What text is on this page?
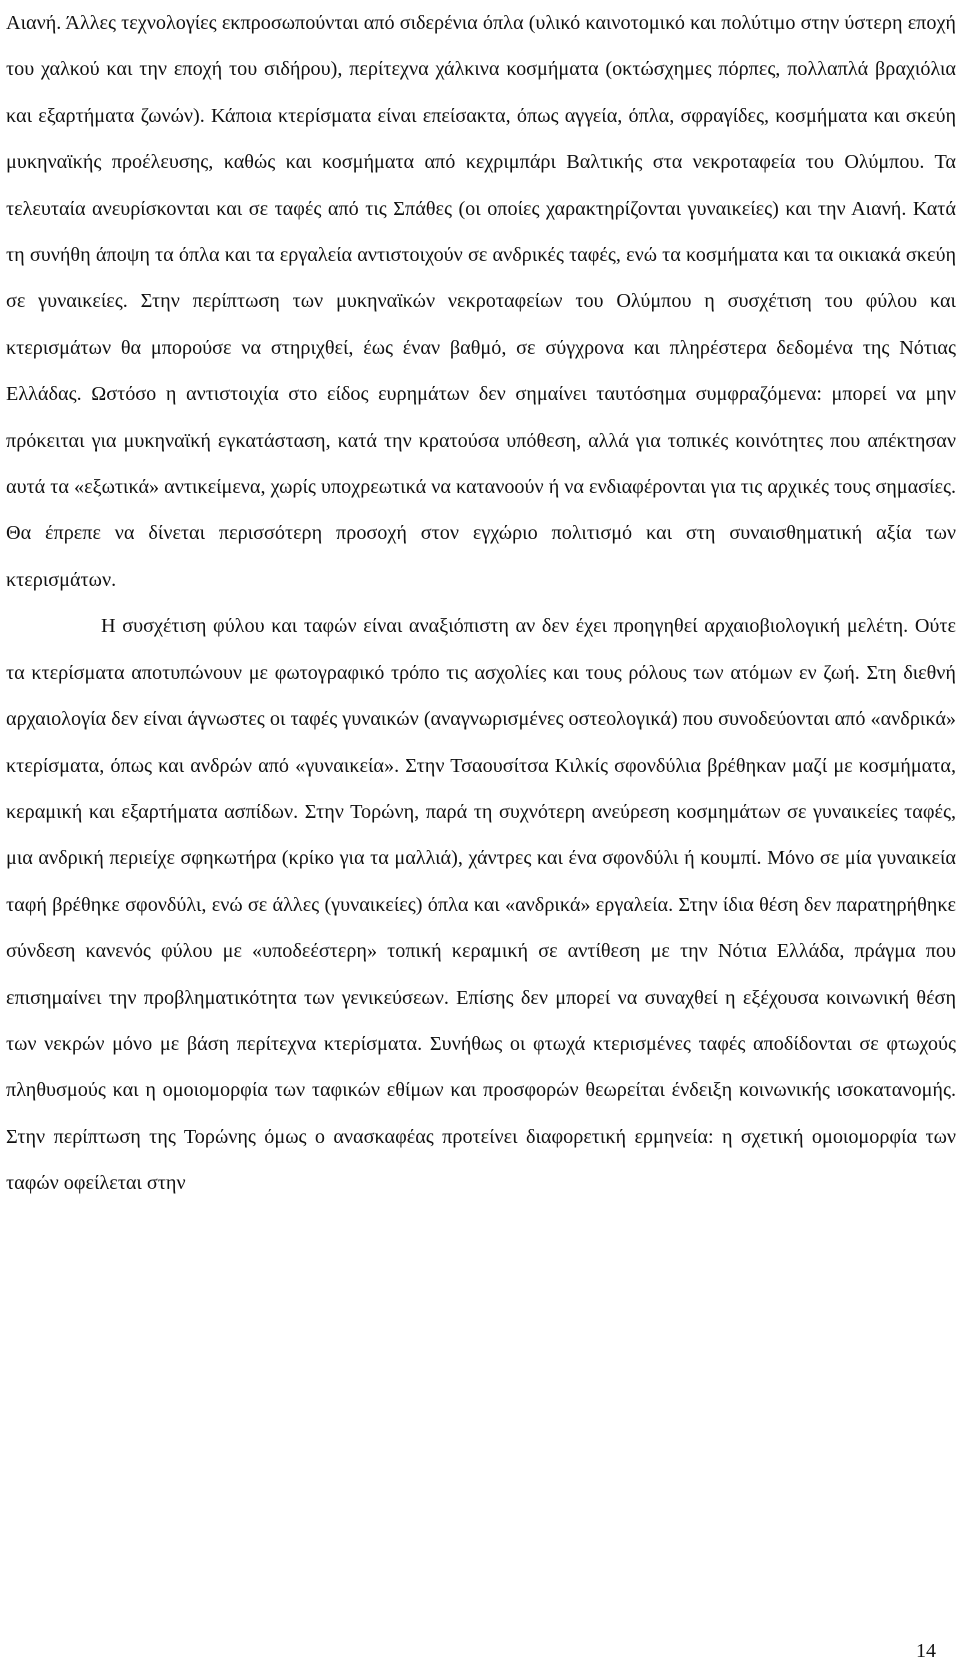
Αιανή. Άλλες τεχνολογίες εκπροσωπούνται από σιδερένια όπλα (υλικό καινοτομικό και πολύτιμο στην ύστερη εποχή του χαλκού και την εποχή του σιδήρου), περίτεχνα χάλκινα κοσμήματα (οκτώσχημες πόρπες, πολλαπλά βραχιόλια και εξαρτήματα ζωνών). Κάποια κτερίσματα είναι επείσακτα, όπως αγγεία, όπλα, σφραγίδες, κοσμήματα και σκεύη μυκηναϊκής προέλευσης, καθώς και κοσμήματα από κεχριμπάρι Βαλτικής στα νεκροταφεία του Ολύμπου. Τα τελευταία ανευρίσκονται και σε ταφές από τις Σπάθες (οι οποίες χαρακτηρίζονται γυναικείες) και την Αιανή. Κατά τη συνήθη άποψη τα όπλα και τα εργαλεία αντιστοιχούν σε ανδρικές ταφές, ενώ τα κοσμήματα και τα οικιακά σκεύη σε γυναικείες. Στην περίπτωση των μυκηναϊκών νεκροταφείων του Ολύμπου η συσχέτιση του φύλου και κτερισμάτων θα μπορούσε να στηριχθεί, έως έναν βαθμό, σε σύγχρονα και πληρέστερα δεδομένα της Νότιας Ελλάδας. Ωστόσο η αντιστοιχία στο είδος ευρημάτων δεν σημαίνει ταυτόσημα συμφραζόμενα: μπορεί να μην πρόκειται για μυκηναϊκή εγκατάσταση, κατά την κρατούσα υπόθεση, αλλά για τοπικές κοινότητες που απέκτησαν αυτά τα «εξωτικά» αντικείμενα, χωρίς υποχρεωτικά να κατανοούν ή να ενδιαφέρονται για τις αρχικές τους σημασίες. Θα έπρεπε να δίνεται περισσότερη προσοχή στον εγχώριο πολιτισμό και στη συναισθηματική αξία των κτερισμάτων.

Η συσχέτιση φύλου και ταφών είναι αναξιόπιστη αν δεν έχει προηγηθεί αρχαιοβιολογική μελέτη. Ούτε τα κτερίσματα αποτυπώνουν με φωτογραφικό τρόπο τις ασχολίες και τους ρόλους των ατόμων εν ζωή. Στη διεθνή αρχαιολογία δεν είναι άγνωστες οι ταφές γυναικών (αναγνωρισμένες οστεολογικά) που συνοδεύονται από «ανδρικά» κτερίσματα, όπως και ανδρών από «γυναικεία». Στην Τσαουσίτσα Κιλκίς σφονδύλια βρέθηκαν μαζί με κοσμήματα, κεραμική και εξαρτήματα ασπίδων. Στην Τορώνη, παρά τη συχνότερη ανεύρεση κοσμημάτων σε γυναικείες ταφές, μια ανδρική περιείχε σφηκωτήρα (κρίκο για τα μαλλιά), χάντρες και ένα σφονδύλι ή κουμπί. Μόνο σε μία γυναικεία ταφή βρέθηκε σφονδύλι, ενώ σε άλλες (γυναικείες) όπλα και «ανδρικά» εργαλεία. Στην ίδια θέση δεν παρατηρήθηκε σύνδεση κανενός φύλου με «υποδεέστερη» τοπική κεραμική σε αντίθεση με την Νότια Ελλάδα, πράγμα που επισημαίνει την προβληματικότητα των γενικεύσεων. Επίσης δεν μπορεί να συναχθεί η εξέχουσα κοινωνική θέση των νεκρών μόνο με βάση περίτεχνα κτερίσματα. Συνήθως οι φτωχά κτερισμένες ταφές αποδίδονται σε φτωχούς πληθυσμούς και η ομοιομορφία των ταφικών εθίμων και προσφορών θεωρείται ένδειξη κοινωνικής ισοκατανομής. Στην περίπτωση της Τορώνης όμως ο ανασκαφέας προτείνει διαφορετική ερμηνεία: η σχετική ομοιομορφία των ταφών οφείλεται στην

14
